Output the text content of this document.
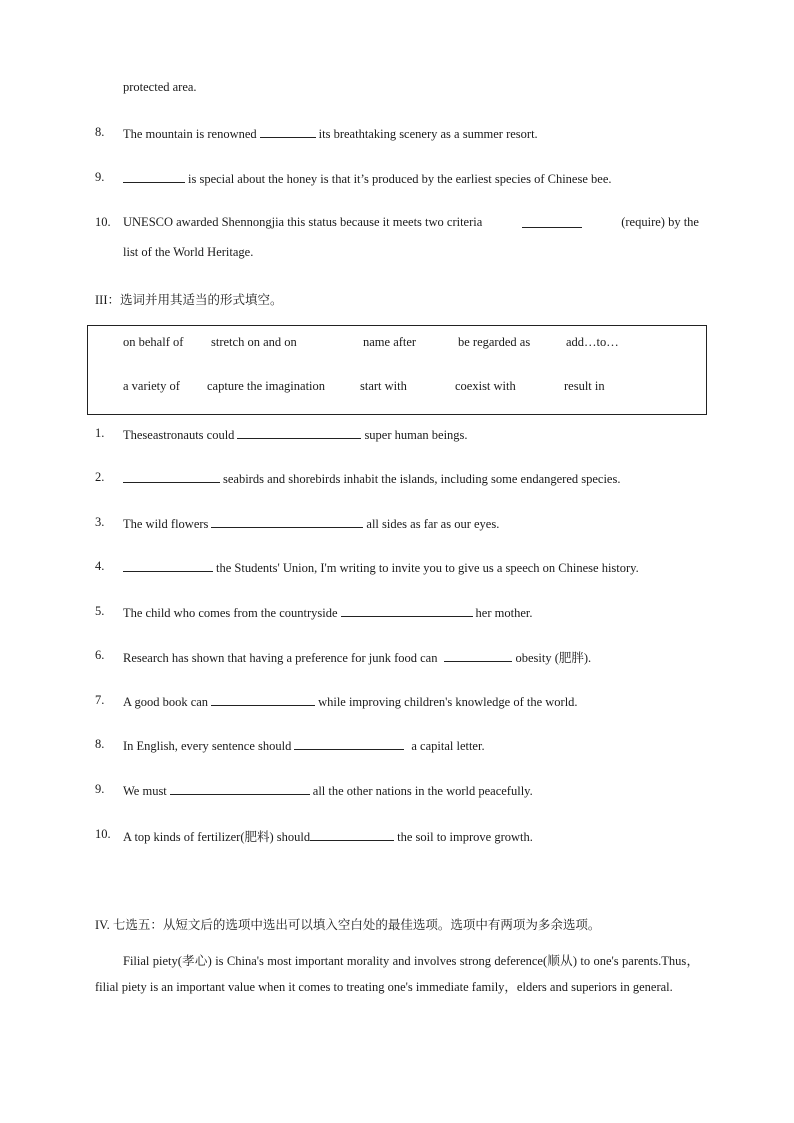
protected area.
8. The mountain is renowned	its breathtaking scenery as a summer resort.
9.	is special about the honey is that it’s produced by the earliest species of Chinese bee.
10. UNESCO awarded Shennongjia this status because it meets two criteria	(require) by the
list of the World Heritage.
III：选词并用其适当的形式填空。
on behalf of stretch on and on	name after	be regarded as	add…to…
a variety of capture the imagination	start with	coexist with	result in
1. Theseastronauts could	super human beings.
2.	seabirds and shorebirds inhabit the islands, including some endangered species.
3. The wild flowers	all sides as far as our eyes.
4.	the Students' Union, I'm writing to invite you to give us a speech on Chinese history.
5. The child who comes from the countryside	her mother.
6. Research has shown that having a preference for junk food can	obesity (肥胖).
7. A good book can	while improving children's knowledge of the world.
8. In English, every sentence should	a capital letter.
9. We must	all the other nations in the world peacefully.
10. A top kinds of fertilizer(肥料) should	the soil to improve growth.
IV. 七选五：从短文后的选项中选出可以填入空白处的最佳选项。选项中有两项为多余选项。
Filial piety(孝心) is China's most important morality and involves strong deference(顺从) to one's parents.Thus，filial piety is an important value when it comes to treating one's immediate family，elders and superiors in general.
